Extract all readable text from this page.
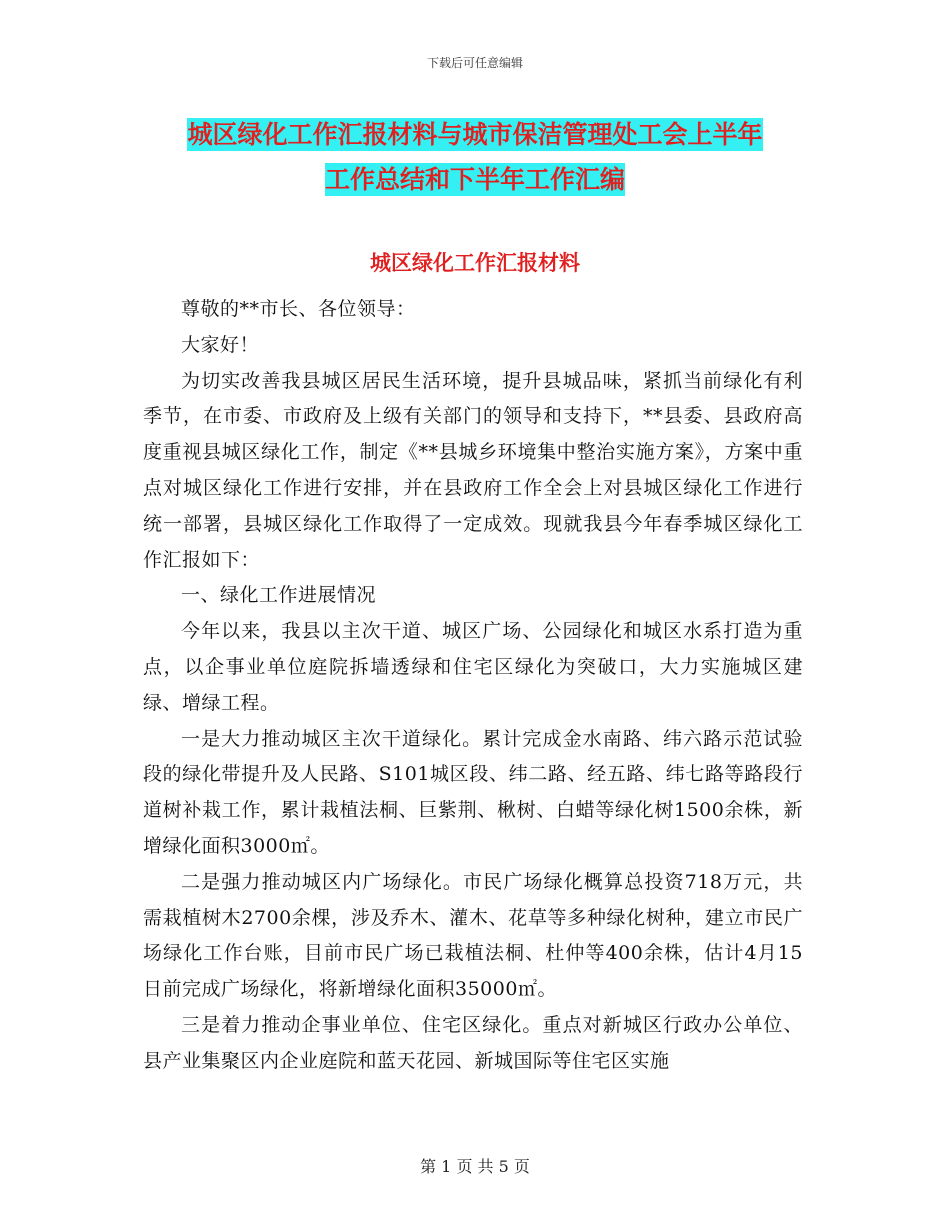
下载后可任意编辑
城区绿化工作汇报材料与城市保洁管理处工会上半年
工作总结和下半年工作汇编
城区绿化工作汇报材料

尊敬的**市长、各位领导：

大家好！

为切实改善我县城区居民生活环境，提升县城品味，紧抓当前绿化有利季节，在市委、市政府及上级有关部门的领导和支持下，**县委、县政府高度重视县城区绿化工作，制定《**县城乡环境集中整治实施方案》，方案中重点对城区绿化工作进行安排，并在县政府工作全会上对县城区绿化工作进行统一部署，县城区绿化工作取得了一定成效。现就我县今年春季城区绿化工作汇报如下：

一、绿化工作进展情况

今年以来，我县以主次干道、城区广场、公园绿化和城区水系打造为重点，以企事业单位庭院拆墙透绿和住宅区绿化为突破口，大力实施城区建绿、增绿工程。

一是大力推动城区主次干道绿化。累计完成金水南路、纬六路示范试验段的绿化带提升及人民路、S101城区段、纬二路、经五路、纬七路等路段行道树补栽工作，累计栽植法桐、巨紫荆、楸树、白蜡等绿化树1500余株，新增绿化面积3000㎡。

二是强力推动城区内广场绿化。市民广场绿化概算总投资718万元，共需栽植树木2700余棵，涉及乔木、灌木、花草等多种绿化树种，建立市民广场绿化工作台账，目前市民广场已栽植法桐、杜仲等400余株，估计4月15日前完成广场绿化，将新增绿化面积35000㎡。

三是着力推动企事业单位、住宅区绿化。重点对新城区行政办公单位、县产业集聚区内企业庭院和蓝天花园、新城国际等住宅区实施

第 1 页 共 5 页
